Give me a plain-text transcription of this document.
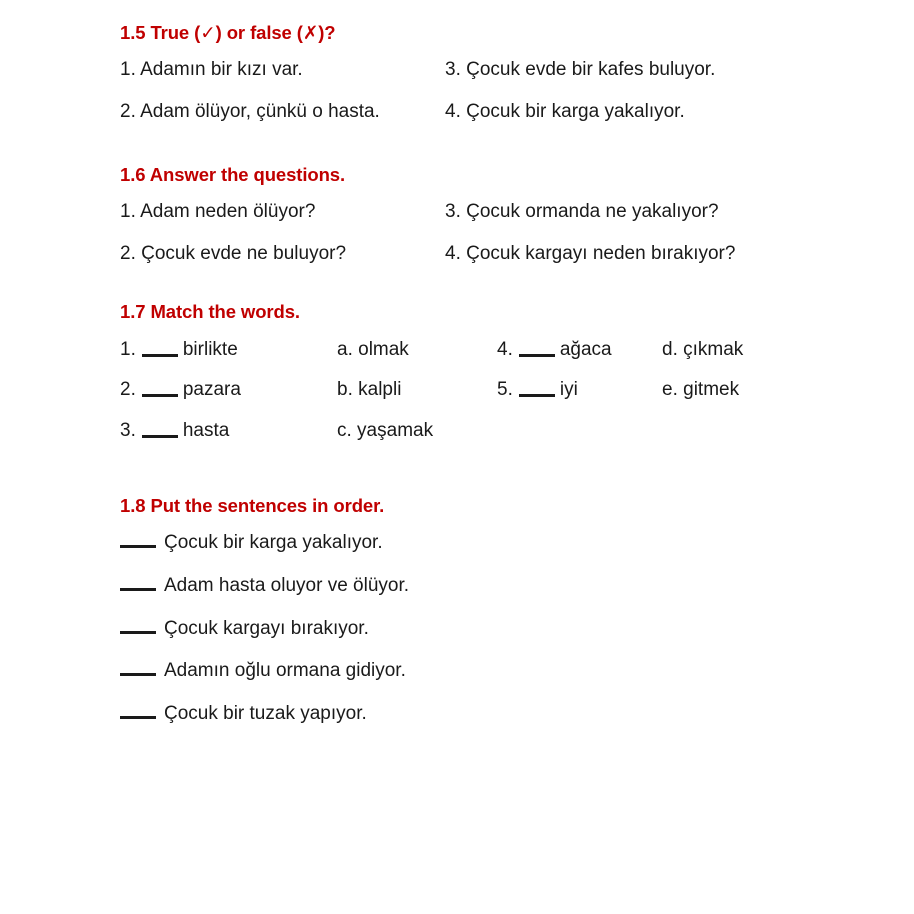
1.5 True (✓) or false (✗)?
1. Adamın bir kızı var.	3. Çocuk evde bir kafes buluyor.
2. Adam ölüyor, çünkü o hasta.	4. Çocuk bir karga yakalıyor.
1.6 Answer the questions.
1. Adam neden ölüyor?	3. Çocuk ormanda ne yakalıyor?
2. Çocuk evde ne buluyor?	4. Çocuk kargayı neden bırakıyor?
1.7 Match the words.
1. birlikte	a. olmak	4. ağaca	d. çıkmak
2. pazara	b. kalpli	5. iyi	e. gitmek
3. hasta	c. yaşamak
1.8 Put the sentences in order.
Çocuk bir karga yakalıyor.
Adam hasta oluyor ve ölüyor.
Çocuk kargayı bırakıyor.
Adamın oğlu ormana gidiyor.
Çocuk bir tuzak yapıyor.
